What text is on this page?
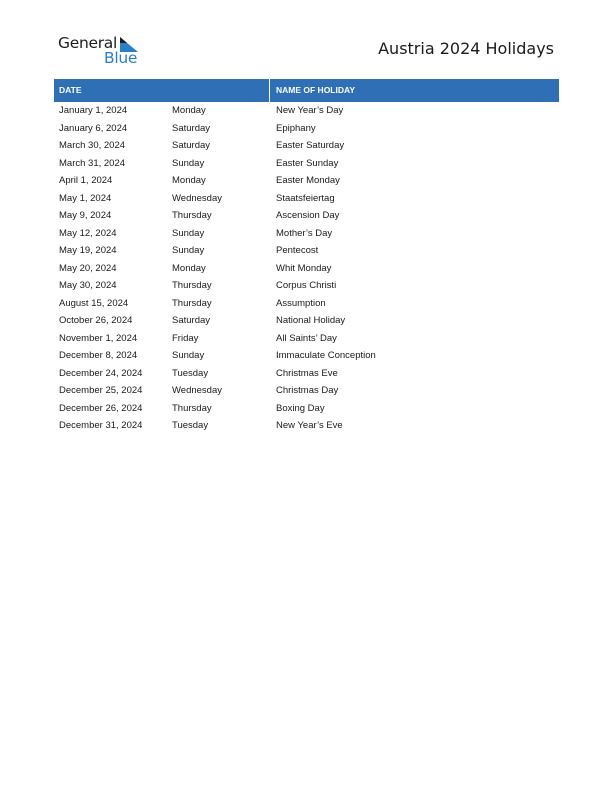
General
Blue	Austria 2024 Holidays
DATE	NAME OF HOLIDAY
January 1, 2024	Monday	New Year’s Day
January 6, 2024	Saturday	Epiphany
March 30, 2024	Saturday	Easter Saturday
March 31, 2024	Sunday	Easter Sunday
April 1, 2024	Monday	Easter Monday
May 1, 2024	Wednesday	Staatsfeiertag
May 9, 2024	Thursday	Ascension Day
May 12, 2024	Sunday	Mother’s Day
May 19, 2024	Sunday	Pentecost
May 20, 2024	Monday	Whit Monday
May 30, 2024	Thursday	Corpus Christi
August 15, 2024	Thursday	Assumption
October 26, 2024	Saturday	National Holiday
November 1, 2024	Friday	All Saints’ Day
December 8, 2024	Sunday	Immaculate Conception
December 24, 2024	Tuesday	Christmas Eve
December 25, 2024	Wednesday	Christmas Day
December 26, 2024	Thursday	Boxing Day
December 31, 2024	Tuesday	New Year’s Eve
